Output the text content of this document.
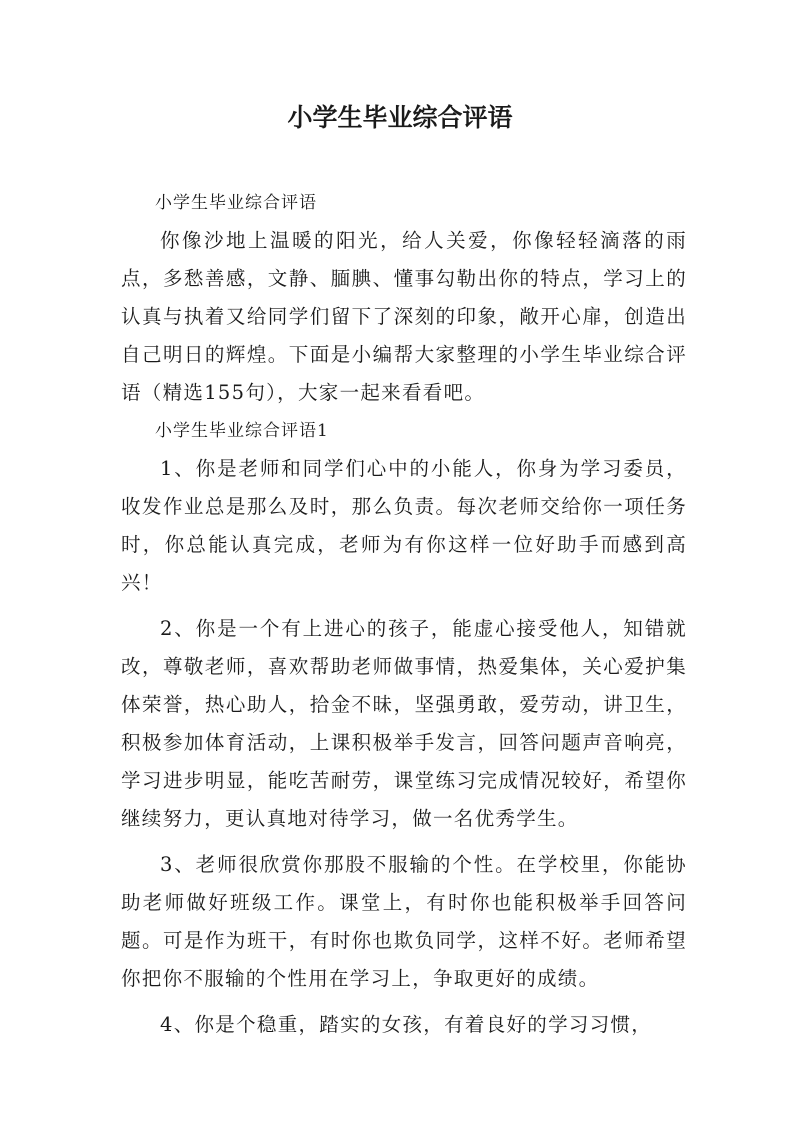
小学生毕业综合评语

小学生毕业综合评语

你像沙地上温暖的阳光，给人关爱，你像轻轻滴落的雨点，多愁善感，文静、腼腆、懂事勾勒出你的特点，学习上的认真与执着又给同学们留下了深刻的印象，敞开心扉，创造出自己明日的辉煌。下面是小编帮大家整理的小学生毕业综合评语（精选155句），大家一起来看看吧。

小学生毕业综合评语1

1、你是老师和同学们心中的小能人，你身为学习委员，收发作业总是那么及时，那么负责。每次老师交给你一项任务时，你总能认真完成，老师为有你这样一位好助手而感到高兴！

2、你是一个有上进心的孩子，能虚心接受他人，知错就改，尊敬老师，喜欢帮助老师做事情，热爱集体，关心爱护集体荣誉，热心助人，拾金不昧，坚强勇敢，爱劳动，讲卫生，积极参加体育活动，上课积极举手发言，回答问题声音响亮，学习进步明显，能吃苦耐劳，课堂练习完成情况较好，希望你继续努力，更认真地对待学习，做一名优秀学生。

3、老师很欣赏你那股不服输的个性。在学校里，你能协助老师做好班级工作。课堂上，有时你也能积极举手回答问题。可是作为班干，有时你也欺负同学，这样不好。老师希望你把你不服输的个性用在学习上，争取更好的成绩。

4、你是个稳重，踏实的女孩，有着良好的学习习惯，
